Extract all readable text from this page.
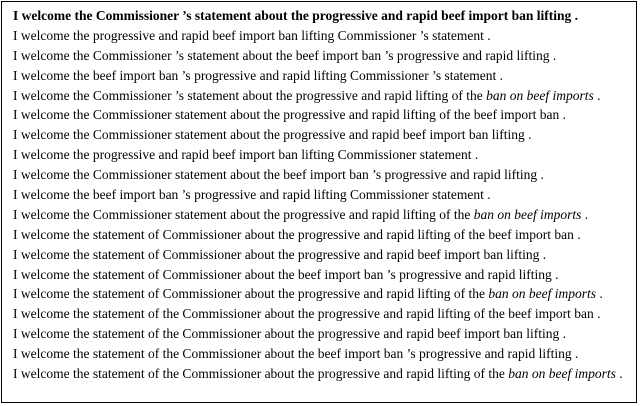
I welcome the Commissioner ’s statement about the progressive and rapid beef import ban lifting .
I welcome the progressive and rapid beef import ban lifting Commissioner ’s statement .
I welcome the Commissioner ’s statement about the beef import ban ’s progressive and rapid lifting .
I welcome the beef import ban ’s progressive and rapid lifting Commissioner ’s statement .
I welcome the Commissioner ’s statement about the progressive and rapid lifting of the ban on beef imports .
I welcome the Commissioner statement about the progressive and rapid lifting of the beef import ban .
I welcome the Commissioner statement about the progressive and rapid beef import ban lifting .
I welcome the progressive and rapid beef import ban lifting Commissioner statement .
I welcome the Commissioner statement about the beef import ban ’s progressive and rapid lifting .
I welcome the beef import ban ’s progressive and rapid lifting Commissioner statement .
I welcome the Commissioner statement about the progressive and rapid lifting of the ban on beef imports .
I welcome the statement of Commissioner about the progressive and rapid lifting of the beef import ban .
I welcome the statement of Commissioner about the progressive and rapid beef import ban lifting .
I welcome the statement of Commissioner about the beef import ban ’s progressive and rapid lifting .
I welcome the statement of Commissioner about the progressive and rapid lifting of the ban on beef imports .
I welcome the statement of the Commissioner about the progressive and rapid lifting of the beef import ban .
I welcome the statement of the Commissioner about the progressive and rapid beef import ban lifting .
I welcome the statement of the Commissioner about the beef import ban ’s progressive and rapid lifting .
I welcome the statement of the Commissioner about the progressive and rapid lifting of the ban on beef imports .
